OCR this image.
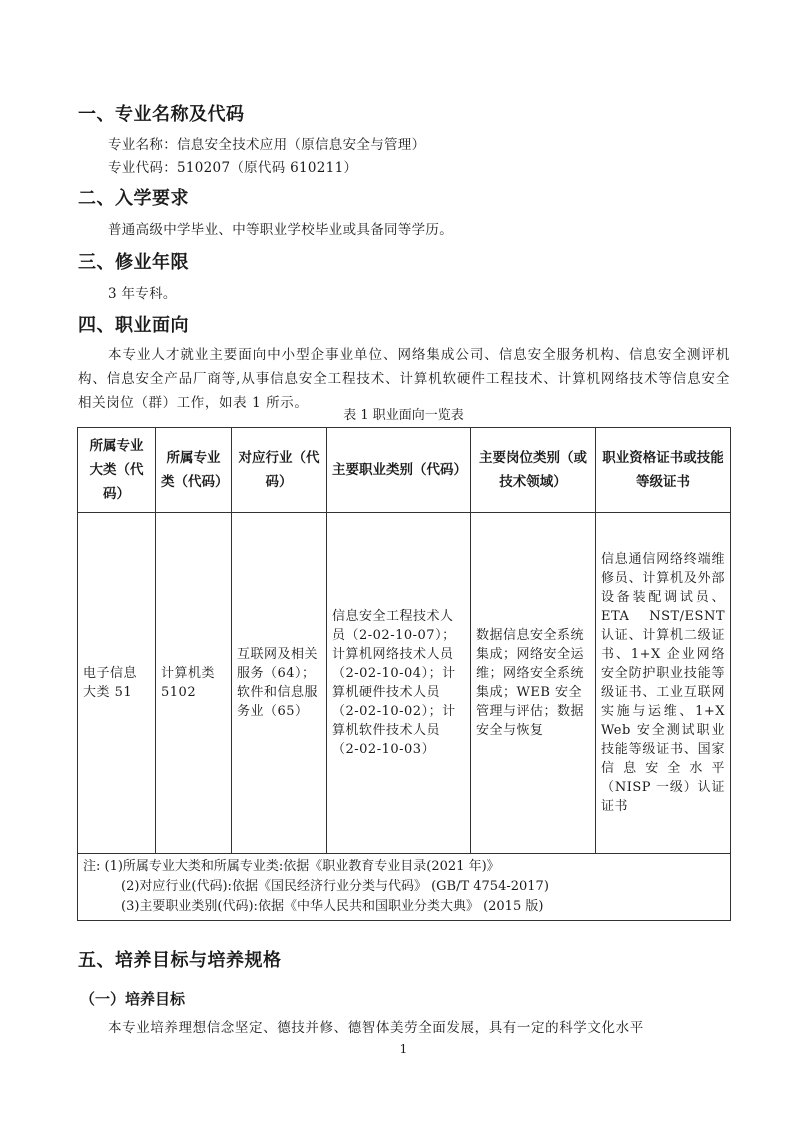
一、专业名称及代码
专业名称：信息安全技术应用（原信息安全与管理）
专业代码：510207（原代码 610211）
二、入学要求
普通高级中学毕业、中等职业学校毕业或具备同等学历。
三、修业年限
3 年专科。
四、职业面向
本专业人才就业主要面向中小型企事业单位、网络集成公司、信息安全服务机构、信息安全测评机构、信息安全产品厂商等,从事信息安全工程技术、计算机软硬件工程技术、计算机网络技术等信息安全相关岗位（群）工作，如表 1 所示。
表 1 职业面向一览表
所属专业大类（代码）	所属专业类（代码）	对应行业（代码）	主要职业类别（代码）	主要岗位类别（或技术领域）	职业资格证书或技能等级证书
电子信息大类 51	计算机类 5102	互联网及相关服务（64）；软件和信息服务业（65）	信息安全工程技术人员（2-02-10-07）；计算机网络技术人员（2-02-10-04）；计算机硬件技术人员（2-02-10-02）；计算机软件技术人员（2-02-10-03）	数据信息安全系统集成；网络安全运维；网络安全系统集成；WEB 安全管理与评估；数据安全与恢复	信息通信网络终端维修员、计算机及外部设备装配调试员、ETA NST/ESNT 认证、计算机二级证书、1+X 企业网络安全防护职业技能等级证书、工业互联网实施与运维、1+X Web 安全测试职业技能等级证书、国家信息安全水平（NISP 一级）认证证书

注: (1)所属专业大类和所属专业类:依据《职业教育专业目录(2021 年)》
(2)对应行业(代码):依据《国民经济行业分类与代码》 (GB/T 4754-2017)
(3)主要职业类别(代码):依据《中华人民共和国职业分类大典》 (2015 版)					
五、培养目标与培养规格
（一）培养目标
本专业培养理想信念坚定、德技并修、德智体美劳全面发展，具有一定的科学文化水平
1
